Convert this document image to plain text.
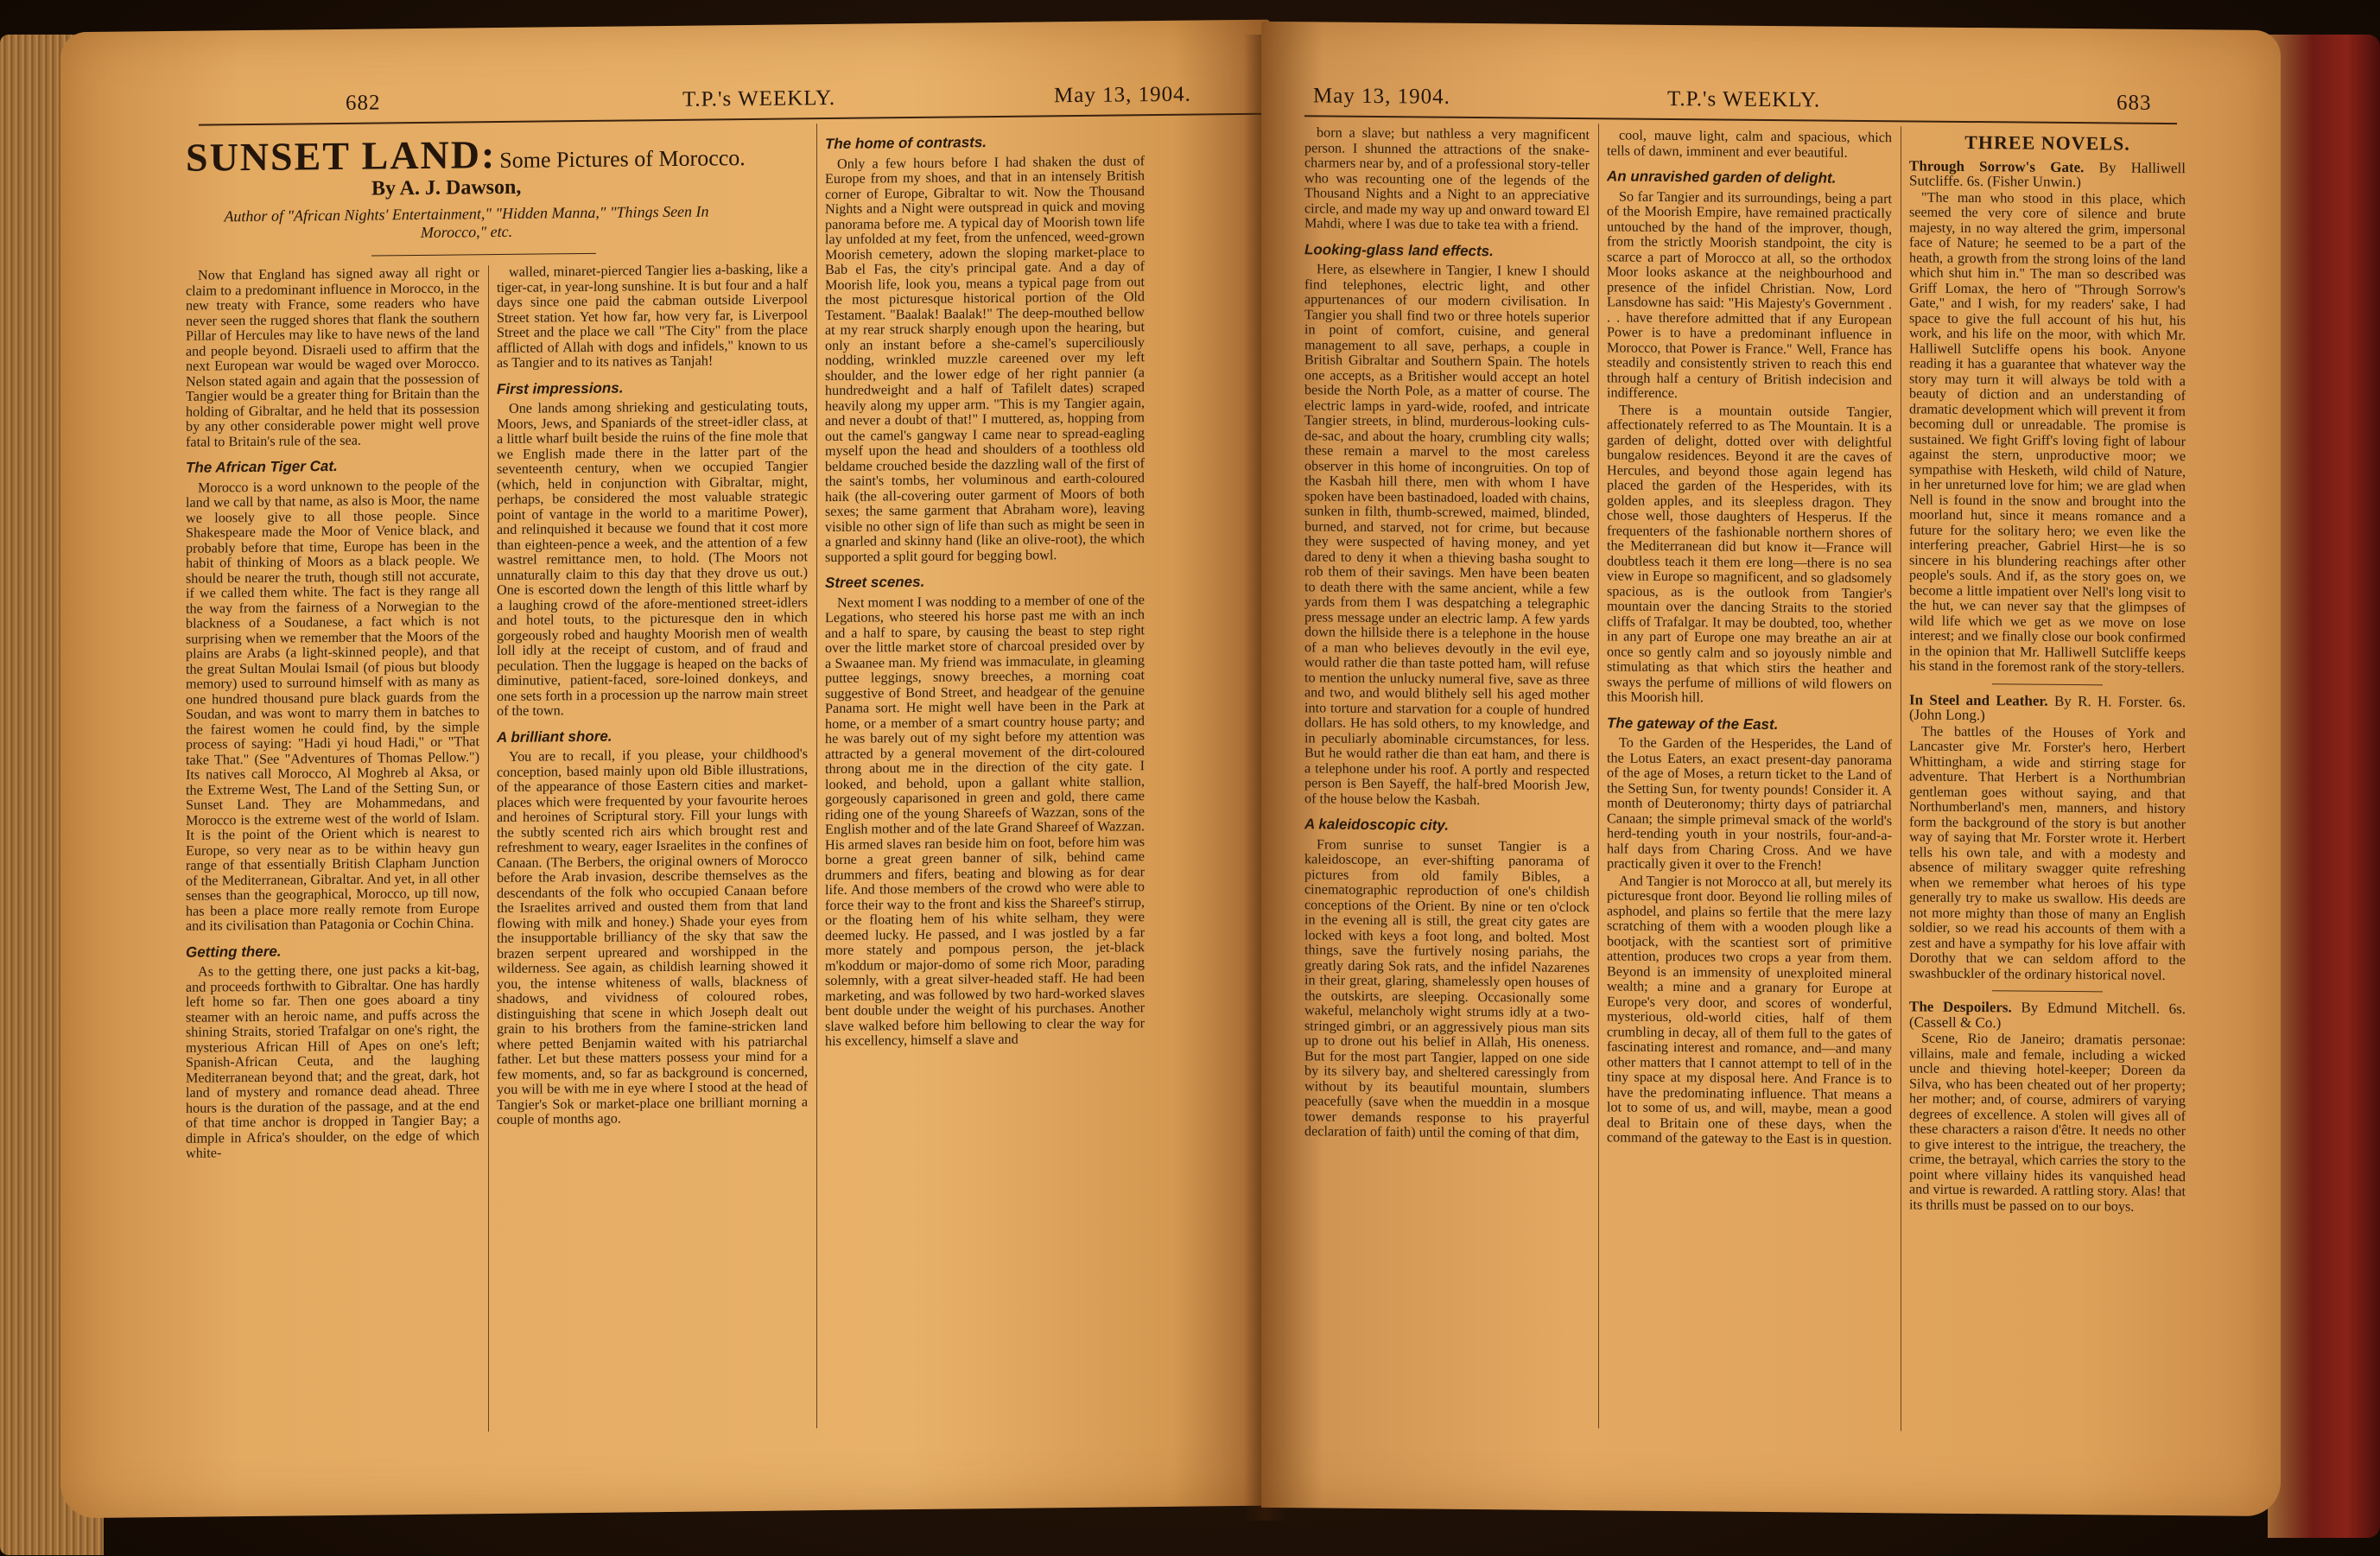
682	T.P.'s WEEKLY.	May 13, 1904.
SUNSET LAND: Some Pictures of Morocco.
By A. J. Dawson,
Author of "African Nights' Entertainment," "Hidden Manna," "Things Seen In Morocco," etc.

Now that England has signed away all right or claim to a predominant influence in Morocco, in the new treaty with France, some readers who have never seen the rugged shores that flank the southern Pillar of Hercules may like to have news of the land and people beyond. Disraeli used to affirm that the next European war would be waged over Morocco. Nelson stated again and again that the possession of Tangier would be a greater thing for Britain than the holding of Gibraltar, and he held that its possession by any other considerable power might well prove fatal to Britain's rule of the sea.

The African Tiger Cat.

Morocco is a word unknown to the people of the land we call by that name, as also is Moor, the name we loosely give to all those people. Since Shakespeare made the Moor of Venice black, and probably before that time, Europe has been in the habit of thinking of Moors as a black people. We should be nearer the truth, though still not accurate, if we called them white. The fact is they range all the way from the fairness of a Norwegian to the blackness of a Soudanese, a fact which is not surprising when we remember that the Moors of the plains are Arabs (a light-skinned people), and that the great Sultan Moulai Ismail (of pious but bloody memory) used to surround himself with as many as one hundred thousand pure black guards from the Soudan, and was wont to marry them in batches to the fairest women he could find, by the simple process of saying: "Hadi yi houd Hadi," or "That take That." (See "Adventures of Thomas Pellow.") Its natives call Morocco, Al Moghreb al Aksa, or the Extreme West, The Land of the Setting Sun, or Sunset Land. They are Mohammedans, and Morocco is the extreme west of the world of Islam. It is the point of the Orient which is nearest to Europe, so very near as to be within heavy gun range of that essentially British Clapham Junction of the Mediterranean, Gibraltar. And yet, in all other senses than the geographical, Morocco, up till now, has been a place more really remote from Europe and its civilisation than Patagonia or Cochin China.

Getting there.

As to the getting there, one just packs a kit-bag, and proceeds forthwith to Gibraltar. One has hardly left home so far. Then one goes aboard a tiny steamer with an heroic name, and puffs across the shining Straits, storied Trafalgar on one's right, the mysterious African Hill of Apes on one's left; Spanish-African Ceuta, and the laughing Mediterranean beyond that; and the great, dark, hot land of mystery and romance dead ahead. Three hours is the duration of the passage, and at the end of that time anchor is dropped in Tangier Bay; a dimple in Africa's shoulder, on the edge of which white-

walled, minaret-pierced Tangier lies a-basking, like a tiger-cat, in year-long sunshine. It is but four and a half days since one paid the cabman outside Liverpool Street station. Yet how far, how very far, is Liverpool Street and the place we call "The City" from the place afflicted of Allah with dogs and infidels," known to us as Tangier and to its natives as Tanjah!

First impressions.

One lands among shrieking and gesticulating touts, Moors, Jews, and Spaniards of the street-idler class, at a little wharf built beside the ruins of the fine mole that we English made there in the latter part of the seventeenth century, when we occupied Tangier (which, held in conjunction with Gibraltar, might, perhaps, be considered the most valuable strategic point of vantage in the world to a maritime Power), and relinquished it because we found that it cost more than eighteen-pence a week, and the attention of a few wastrel remittance men, to hold. (The Moors not unnaturally claim to this day that they drove us out.) One is escorted down the length of this little wharf by a laughing crowd of the afore-mentioned street-idlers and hotel touts, to the picturesque den in which gorgeously robed and haughty Moorish men of wealth loll idly at the receipt of custom, and of fraud and peculation. Then the luggage is heaped on the backs of diminutive, patient-faced, sore-loined donkeys, and one sets forth in a procession up the narrow main street of the town.

A brilliant shore.

You are to recall, if you please, your childhood's conception, based mainly upon old Bible illustrations, of the appearance of those Eastern cities and market-places which were frequented by your favourite heroes and heroines of Scriptural story. Fill your lungs with the subtly scented rich airs which brought rest and refreshment to weary, eager Israelites in the confines of Canaan. (The Berbers, the original owners of Morocco before the Arab invasion, describe themselves as the descendants of the folk who occupied Canaan before the Israelites arrived and ousted them from that land flowing with milk and honey.) Shade your eyes from the insupportable brilliancy of the sky that saw the brazen serpent upreared and worshipped in the wilderness. See again, as childish learning showed it you, the intense whiteness of walls, blackness of shadows, and vividness of coloured robes, distinguishing that scene in which Joseph dealt out grain to his brothers from the famine-stricken land where petted Benjamin waited with his patriarchal father. Let but these matters possess your mind for a few moments, and, so far as background is concerned, you will be with me in eye where I stood at the head of Tangier's Sok or market-place one brilliant morning a couple of months ago.

The home of contrasts.

Only a few hours before I had shaken the dust of Europe from my shoes, and that in an intensely British corner of Europe, Gibraltar to wit. Now the Thousand Nights and a Night were outspread in quick and moving panorama before me. A typical day of Moorish town life lay unfolded at my feet, from the unfenced, weed-grown Moorish cemetery, adown the sloping market-place to Bab el Fas, the city's principal gate. And a day of Moorish life, look you, means a typical page from out the most picturesque historical portion of the Old Testament. "Baalak! Baalak!" The deep-mouthed bellow at my rear struck sharply enough upon the hearing, but only an instant before a she-camel's superciliously nodding, wrinkled muzzle careened over my left shoulder, and the lower edge of her right pannier (a hundredweight and a half of Tafilelt dates) scraped heavily along my upper arm. "This is my Tangier again, and never a doubt of that!" I muttered, as, hopping from out the camel's gangway I came near to spread-eagling myself upon the head and shoulders of a toothless old beldame crouched beside the dazzling wall of the first of the saint's tombs, her voluminous and earth-coloured haik (the all-covering outer garment of Moors of both sexes; the same garment that Abraham wore), leaving visible no other sign of life than such as might be seen in a gnarled and skinny hand (like an olive-root), the which supported a split gourd for begging bowl.

Street scenes.

Next moment I was nodding to a member of one of the Legations, who steered his horse past me with an inch and a half to spare, by causing the beast to step right over the little market store of charcoal presided over by a Swaanee man. My friend was immaculate, in gleaming puttee leggings, snowy breeches, a morning coat suggestive of Bond Street, and headgear of the genuine Panama sort. He might well have been in the Park at home, or a member of a smart country house party; and he was barely out of my sight before my attention was attracted by a general movement of the dirt-coloured throng about me in the direction of the city gate. I looked, and behold, upon a gallant white stallion, gorgeously caparisoned in green and gold, there came riding one of the young Shareefs of Wazzan, sons of the English mother and of the late Grand Shareef of Wazzan. His armed slaves ran beside him on foot, before him was borne a great green banner of silk, behind came drummers and fifers, beating and blowing as for dear life. And those members of the crowd who were able to force their way to the front and kiss the Shareef's stirrup, or the floating hem of his white selham, they were deemed lucky. He passed, and I was jostled by a far more stately and pompous person, the jet-black m'koddum or major-domo of some rich Moor, parading solemnly, with a great silver-headed staff. He had been marketing, and was followed by two hard-worked slaves bent double under the weight of his purchases. Another slave walked before him bellowing to clear the way for his excellency, himself a slave and

May 13, 1904.	T.P.'s WEEKLY.	683

born a slave; but nathless a very magnificent person. I shunned the attractions of the snake-charmers near by, and of a professional story-teller who was recounting one of the legends of the Thousand Nights and a Night to an appreciative circle, and made my way up and onward toward El Mahdi, where I was due to take tea with a friend.

Looking-glass land effects.

Here, as elsewhere in Tangier, I knew I should find telephones, electric light, and other appurtenances of our modern civilisation. In Tangier you shall find two or three hotels superior in point of comfort, cuisine, and general management to all save, perhaps, a couple in British Gibraltar and Southern Spain. The hotels one accepts, as a Britisher would accept an hotel beside the North Pole, as a matter of course. The electric lamps in yard-wide, roofed, and intricate Tangier streets, in blind, murderous-looking culs-de-sac, and about the hoary, crumbling city walls; these remain a marvel to the most careless observer in this home of incongruities. On top of the Kasbah hill there, men with whom I have spoken have been bastinadoed, loaded with chains, sunken in filth, thumb-screwed, maimed, blinded, burned, and starved, not for crime, but because they were suspected of having money, and yet dared to deny it when a thieving basha sought to rob them of their savings. Men have been beaten to death there with the same ancient, while a few yards from them I was despatching a telegraphic press message under an electric lamp. A few yards down the hillside there is a telephone in the house of a man who believes devoutly in the evil eye, would rather die than taste potted ham, will refuse to mention the unlucky numeral five, save as three and two, and would blithely sell his aged mother into torture and starvation for a couple of hundred dollars. He has sold others, to my knowledge, and in peculiarly abominable circumstances, for less. But he would rather die than eat ham, and there is a telephone under his roof. A portly and respected person is Ben Sayeff, the half-bred Moorish Jew, of the house below the Kasbah.

A kaleidoscopic city.

From sunrise to sunset Tangier is a kaleidoscope, an ever-shifting panorama of pictures from old family Bibles, a cinematographic reproduction of one's childish conceptions of the Orient. By nine or ten o'clock in the evening all is still, the great city gates are locked with keys a foot long, and bolted. Most things, save the furtively nosing pariahs, the greatly daring Sok rats, and the infidel Nazarenes in their great, glaring, shamelessly open houses of the outskirts, are sleeping. Occasionally some wakeful, melancholy wight strums idly at a two-stringed gimbri, or an aggressively pious man sits up to drone out his belief in Allah, His oneness. But for the most part Tangier, lapped on one side by its silvery bay, and sheltered caressingly from without by its beautiful mountain, slumbers peacefully (save when the mueddin in a mosque tower demands response to his prayerful declaration of faith) until the coming of that dim,

cool, mauve light, calm and spacious, which tells of dawn, imminent and ever beautiful.

An unravished garden of delight.

So far Tangier and its surroundings, being a part of the Moorish Empire, have remained practically untouched by the hand of the improver, though, from the strictly Moorish standpoint, the city is scarce a part of Morocco at all, so the orthodox Moor looks askance at the neighbourhood and presence of the infidel Christian. Now, Lord Lansdowne has said: "His Majesty's Government . . . have therefore admitted that if any European Power is to have a predominant influence in Morocco, that Power is France." Well, France has steadily and consistently striven to reach this end through half a century of British indecision and indifference.

There is a mountain outside Tangier, affectionately referred to as The Mountain. It is a garden of delight, dotted over with delightful bungalow residences. Beyond it are the caves of Hercules, and beyond those again legend has placed the garden of the Hesperides, with its golden apples, and its sleepless dragon. They chose well, those daughters of Hesperus. If the frequenters of the fashionable northern shores of the Mediterranean did but know it—France will doubtless teach it them ere long—there is no sea view in Europe so magnificent, and so gladsomely spacious, as is the outlook from Tangier's mountain over the dancing Straits to the storied cliffs of Trafalgar. It may be doubted, too, whether in any part of Europe one may breathe an air at once so gently calm and so joyously nimble and stimulating as that which stirs the heather and sways the perfume of millions of wild flowers on this Moorish hill.

The gateway of the East.

To the Garden of the Hesperides, the Land of the Lotus Eaters, an exact present-day panorama of the age of Moses, a return ticket to the Land of the Setting Sun, for twenty pounds! Consider it. A month of Deuteronomy; thirty days of patriarchal Canaan; the simple primeval smack of the world's herd-tending youth in your nostrils, four-and-a-half days from Charing Cross. And we have practically given it over to the French!

And Tangier is not Morocco at all, but merely its picturesque front door. Beyond lie rolling miles of asphodel, and plains so fertile that the mere lazy scratching of them with a wooden plough like a bootjack, with the scantiest sort of primitive attention, produces two crops a year from them. Beyond is an immensity of unexploited mineral wealth; a mine and a granary for Europe at Europe's very door, and scores of wonderful, mysterious, old-world cities, half of them crumbling in decay, all of them full to the gates of fascinating interest and romance, and—and many other matters that I cannot attempt to tell of in the tiny space at my disposal here. And France is to have the predominating influence. That means a lot to some of us, and will, maybe, mean a good deal to Britain one of these days, when the command of the gateway to the East is in question.

THREE NOVELS.
Through Sorrow's Gate. By Halliwell Sutcliffe. 6s. (Fisher Unwin.)

"The man who stood in this place, which seemed the very core of silence and brute majesty, in no way altered the grim, impersonal face of Nature; he seemed to be a part of the heath, a growth from the strong loins of the land which shut him in." The man so described was Griff Lomax, the hero of "Through Sorrow's Gate," and I wish, for my readers' sake, I had space to give the full account of his hut, his work, and his life on the moor, with which Mr. Halliwell Sutcliffe opens his book. Anyone reading it has a guarantee that whatever way the story may turn it will always be told with a beauty of diction and an understanding of dramatic development which will prevent it from becoming dull or unreadable. The promise is sustained. We fight Griff's loving fight of labour against the stern, unproductive moor; we sympathise with Hesketh, wild child of Nature, in her unreturned love for him; we are glad when Nell is found in the snow and brought into the moorland hut, since it means romance and a future for the solitary hero; we even like the interfering preacher, Gabriel Hirst—he is so sincere in his blundering reachings after other people's souls. And if, as the story goes on, we become a little impatient over Nell's long visit to the hut, we can never say that the glimpses of wild life which we get as we move on lose interest; and we finally close our book confirmed in the opinion that Mr. Halliwell Sutcliffe keeps his stand in the foremost rank of the story-tellers.

In Steel and Leather. By R. H. Forster. 6s. (John Long.)

The battles of the Houses of York and Lancaster give Mr. Forster's hero, Herbert Whittingham, a wide and stirring stage for adventure. That Herbert is a Northumbrian gentleman goes without saying, and that Northumberland's men, manners, and history form the background of the story is but another way of saying that Mr. Forster wrote it. Herbert tells his own tale, and with a modesty and absence of military swagger quite refreshing when we remember what heroes of his type generally try to make us swallow. His deeds are not more mighty than those of many an English soldier, so we read his accounts of them with a zest and have a sympathy for his love affair with Dorothy that we can seldom afford to the swashbuckler of the ordinary historical novel.

The Despoilers. By Edmund Mitchell. 6s. (Cassell & Co.)

Scene, Rio de Janeiro; dramatis personae: villains, male and female, including a wicked uncle and thieving hotel-keeper; Doreen da Silva, who has been cheated out of her property; her mother; and, of course, admirers of varying degrees of excellence. A stolen will gives all of these characters a raison d'être. It needs no other to give interest to the intrigue, the treachery, the crime, the betrayal, which carries the story to the point where villainy hides its vanquished head and virtue is rewarded. A rattling story. Alas! that its thrills must be passed on to our boys.
